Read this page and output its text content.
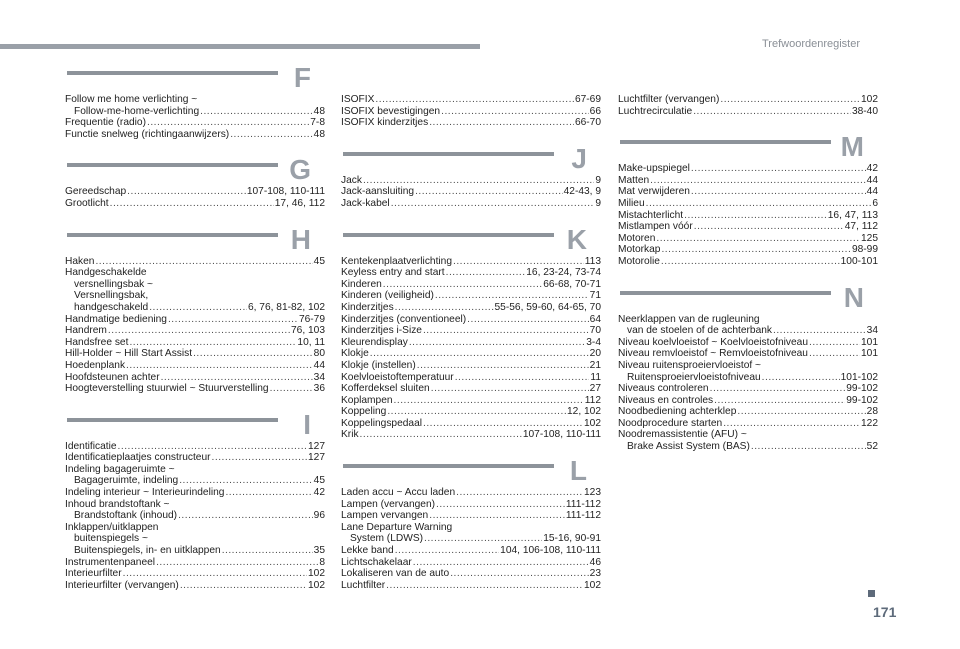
Trefwoordenregister
F
Follow me home verlichting ~
Follow-me-home-verlichting .....	48
Frequentie (radio) .....	7-8
Functie snelweg (richtingaanwijzers) .....	48
G
Gereedschap .....	107-108, 110-111
Grootlicht .....	17, 46, 112
H
Haken .....	45
Handgeschakelde
versnellingsbak ~
Versnellingsbak,
handgeschakeld .....	6, 76, 81-82, 102
Handmatige bediening .....	76-79
Handrem .....	76, 103
Handsfree set .....	10, 11
Hill-Holder ~ Hill Start Assist .....	80
Hoedenplank .....	44
Hoofdsteunen achter .....	34
Hoogteverstelling stuurwiel ~ Stuurverstelling .....	36
I
Identificatie .....	127
Identificatieplaatjes constructeur .....	127
Indeling bagageruimte ~
Bagageruimte, indeling .....	45
Indeling interieur ~ Interieurindeling .....	42
Inhoud brandstoftank ~
Brandstoftank (inhoud) .....	96
Inklappen/uitklappen
buitenspiegels ~
Buitenspiegels, in- en uitklappen .....	35
Instrumentenpaneel .....	8
Interieurfilter .....	102
Interieurfilter (vervangen) .....	102
ISOFIX .....	67-69
ISOFIX bevestigingen .....	66
ISOFIX kinderzitjes .....	66-70
J
Jack .....	9
Jack-aansluiting .....	42-43, 9
Jack-kabel .....	9
K
Kentekenplaatverlichting .....	113
Keyless entry and start .....	16, 23-24, 73-74
Kinderen .....	66-68, 70-71
Kinderen (veiligheid) .....	71
Kinderzitjes .....	55-56, 59-60, 64-65, 70
Kinderzitjes (conventioneel) .....	64
Kinderzitjes i-Size .....	70
Kleurendisplay .....	3-4
Klokje .....	20
Klokje (instellen) .....	21
Koelvloeistoftemperatuur .....	11
Kofferdeksel sluiten .....	27
Koplampen .....	112
Koppeling .....	12, 102
Koppelingspedaal .....	102
Krik .....	107-108, 110-111
L
Laden accu ~ Accu laden .....	123
Lampen (vervangen) .....	111-112
Lampen vervangen .....	111-112
Lane Departure Warning
System (LDWS) .....	15-16, 90-91
Lekke band .....	104, 106-108, 110-111
Lichtschakelaar .....	46
Lokaliseren van de auto .....	23
Luchtfilter .....	102
Luchtfilter (vervangen) .....	102
Luchtrecirculatie .....	38-40
M
Make-upspiegel .....	42
Matten .....	44
Mat verwijderen .....	44
Milieu .....	6
Mistachterlicht .....	16, 47, 113
Mistlampen vóór .....	47, 112
Motoren .....	125
Motorkap .....	98-99
Motorolie .....	100-101
N
Neerklappen van de rugleuning
van de stoelen of de achterbank .....	34
Niveau koelvloeistof ~ Koelvloeistofniveau .....	101
Niveau remvloeistof ~ Remvloeistofniveau .....	101
Niveau ruitensproeiervloeistof ~
Ruitensproeiervloeistofniveau .....	101-102
Niveaus controleren .....	99-102
Niveaus en controles .....	99-102
Noodbediening achterklep .....	28
Noodprocedure starten .....	122
Noodremassistentie (AFU) ~
Brake Assist System (BAS) .....	52
171
